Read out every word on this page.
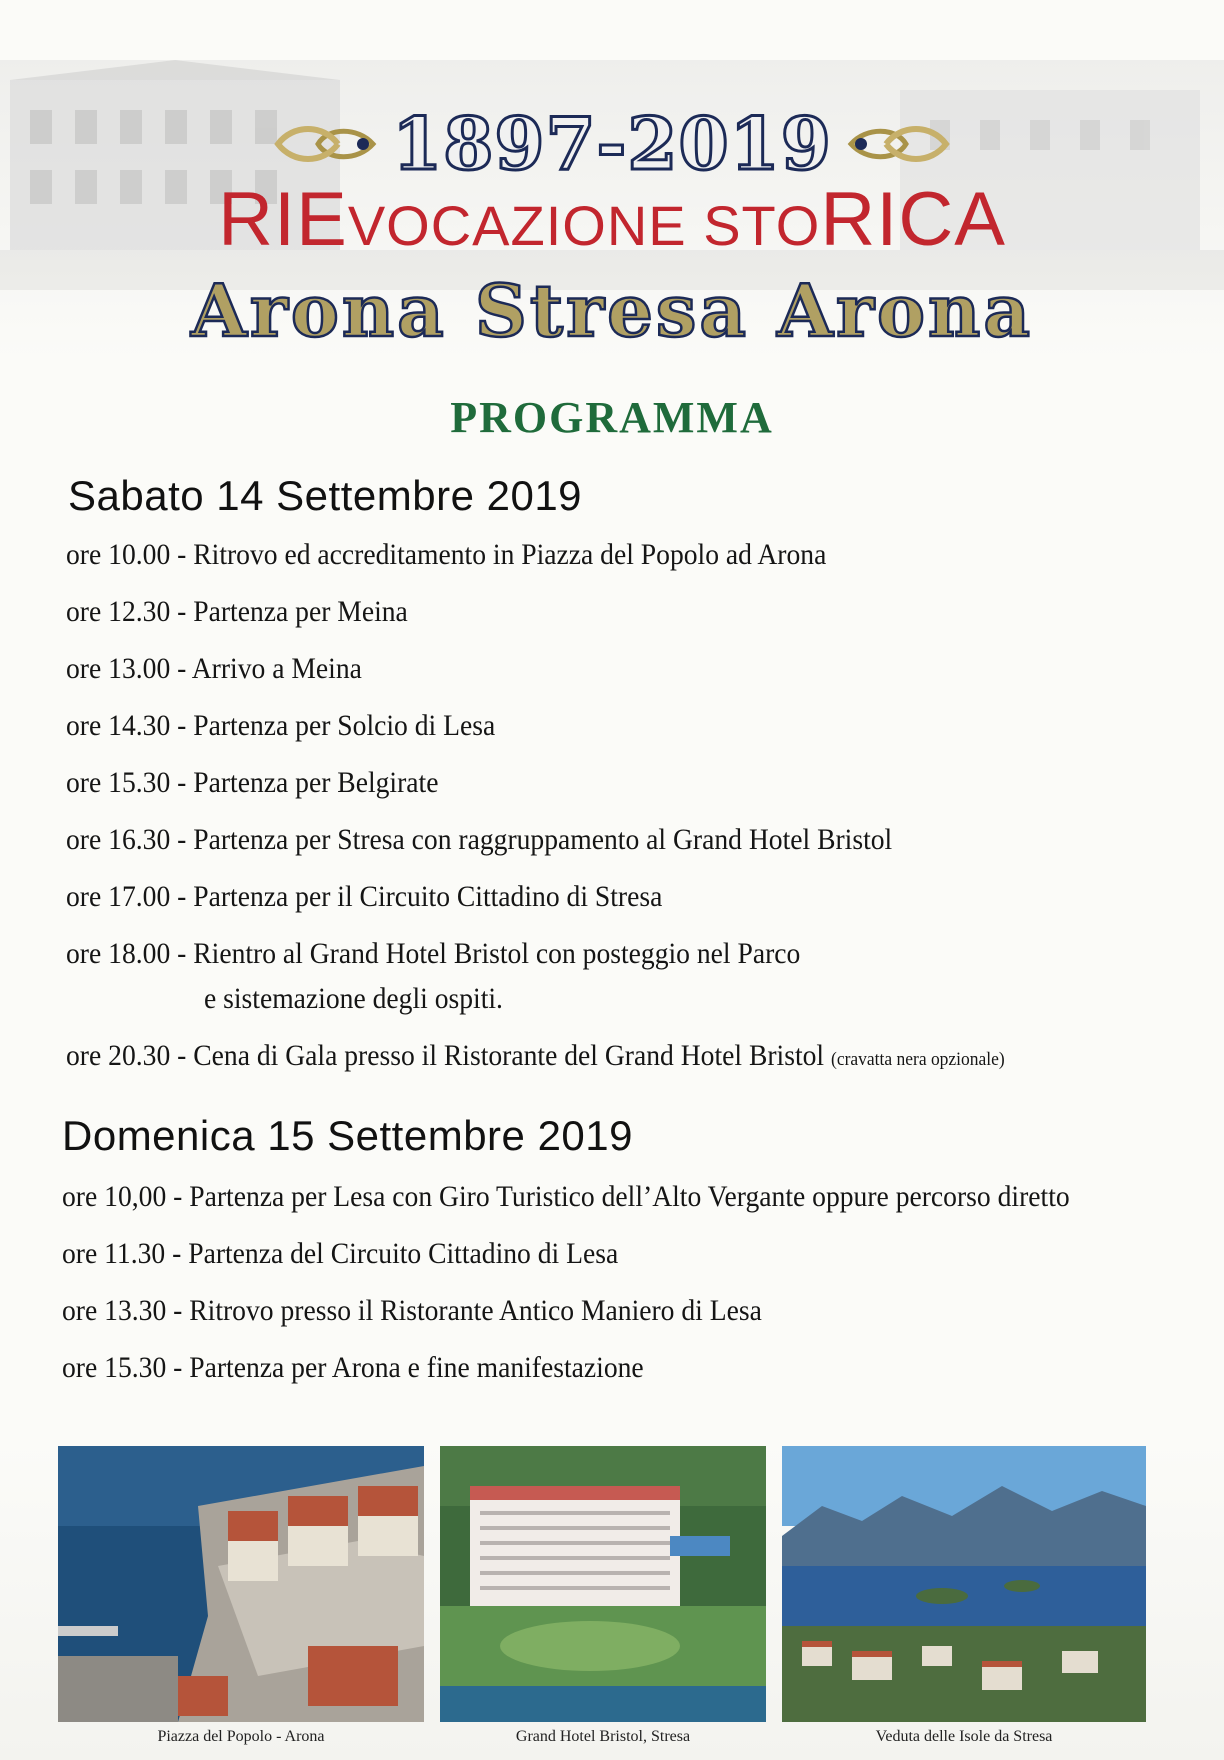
1897-2019
RIEVOCAZIONE STORICA
Arona Stresa Arona
PROGRAMMA
Sabato 14 Settembre 2019
ore 10.00 - Ritrovo ed accreditamento in Piazza del Popolo ad Arona
ore 12.30 - Partenza per Meina
ore 13.00 - Arrivo a Meina
ore 14.30 - Partenza per Solcio di Lesa
ore 15.30 - Partenza per Belgirate
ore 16.30 - Partenza per Stresa con raggruppamento al Grand Hotel Bristol
ore 17.00 - Partenza per il Circuito Cittadino di Stresa
ore 18.00 - Rientro al Grand Hotel Bristol con posteggio nel Parco
e sistemazione degli ospiti.
ore 20.30 - Cena di Gala presso il Ristorante del Grand Hotel Bristol (cravatta nera opzionale)
Domenica 15 Settembre 2019
ore 10,00 - Partenza per Lesa con Giro Turistico dell’Alto Vergante oppure percorso diretto
ore 11.30 - Partenza del Circuito Cittadino di Lesa
ore 13.30 - Ritrovo presso il Ristorante Antico Maniero di Lesa
ore 15.30 - Partenza per Arona e fine manifestazione
Piazza del Popolo - Arona	Grand Hotel Bristol, Stresa	Veduta delle Isole da Stresa
